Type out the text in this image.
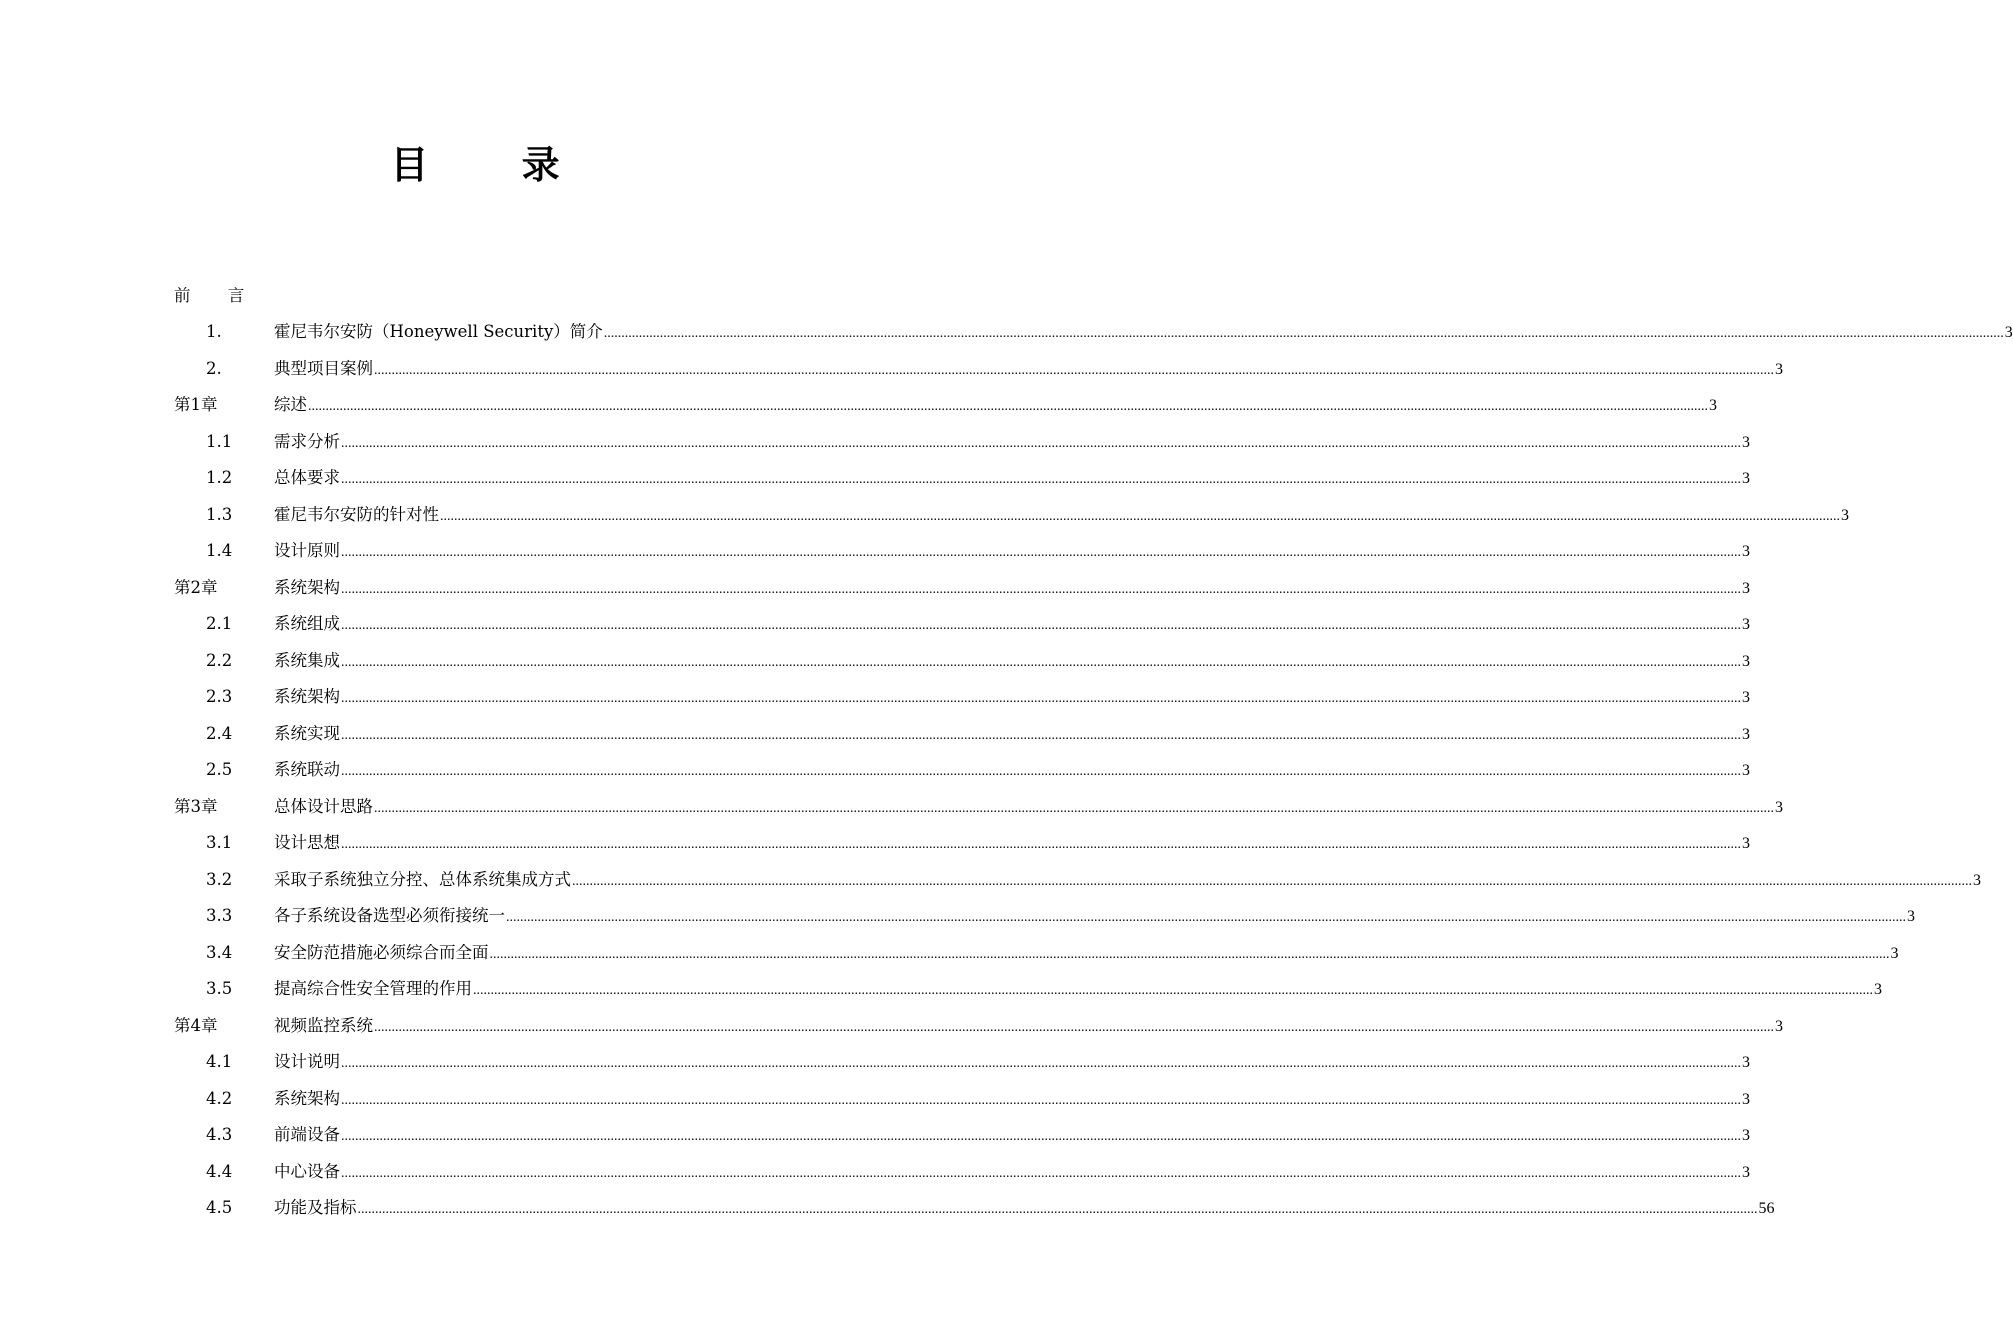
目 录
前 言
1.	霍尼韦尔安防（Honeywell Security）简介 ................................................................................................................................................................................................................................................................................................................................................................................................................ 3
2.	典型项目案例 ................................................................................................................................................................................................................................................................................................................................................................................................................ 3
第1章	综述 ................................................................................................................................................................................................................................................................................................................................................................................................................ 3
1.1	需求分析 ................................................................................................................................................................................................................................................................................................................................................................................................................ 3
1.2	总体要求 ................................................................................................................................................................................................................................................................................................................................................................................................................ 3
1.3	霍尼韦尔安防的针对性 ................................................................................................................................................................................................................................................................................................................................................................................................................ 3
1.4	设计原则 ................................................................................................................................................................................................................................................................................................................................................................................................................ 3
第2章	系统架构 ................................................................................................................................................................................................................................................................................................................................................................................................................ 3
2.1	系统组成 ................................................................................................................................................................................................................................................................................................................................................................................................................ 3
2.2	系统集成 ................................................................................................................................................................................................................................................................................................................................................................................................................ 3
2.3	系统架构 ................................................................................................................................................................................................................................................................................................................................................................................................................ 3
2.4	系统实现 ................................................................................................................................................................................................................................................................................................................................................................................................................ 3
2.5	系统联动 ................................................................................................................................................................................................................................................................................................................................................................................................................ 3
第3章	总体设计思路 ................................................................................................................................................................................................................................................................................................................................................................................................................ 3
3.1	设计思想 ................................................................................................................................................................................................................................................................................................................................................................................................................ 3
3.2	采取子系统独立分控、总体系统集成方式 ................................................................................................................................................................................................................................................................................................................................................................................................................ 3
3.3	各子系统设备选型必须衔接统一 ................................................................................................................................................................................................................................................................................................................................................................................................................ 3
3.4	安全防范措施必须综合而全面 ................................................................................................................................................................................................................................................................................................................................................................................................................ 3
3.5	提高综合性安全管理的作用 ................................................................................................................................................................................................................................................................................................................................................................................................................ 3
第4章	视频监控系统 ................................................................................................................................................................................................................................................................................................................................................................................................................ 3
4.1	设计说明 ................................................................................................................................................................................................................................................................................................................................................................................................................ 3
4.2	系统架构 ................................................................................................................................................................................................................................................................................................................................................................................................................ 3
4.3	前端设备 ................................................................................................................................................................................................................................................................................................................................................................................................................ 3
4.4	中心设备 ................................................................................................................................................................................................................................................................................................................................................................................................................ 3
4.5	功能及指标 ................................................................................................................................................................................................................................................................................................................................................................................................................ 56
